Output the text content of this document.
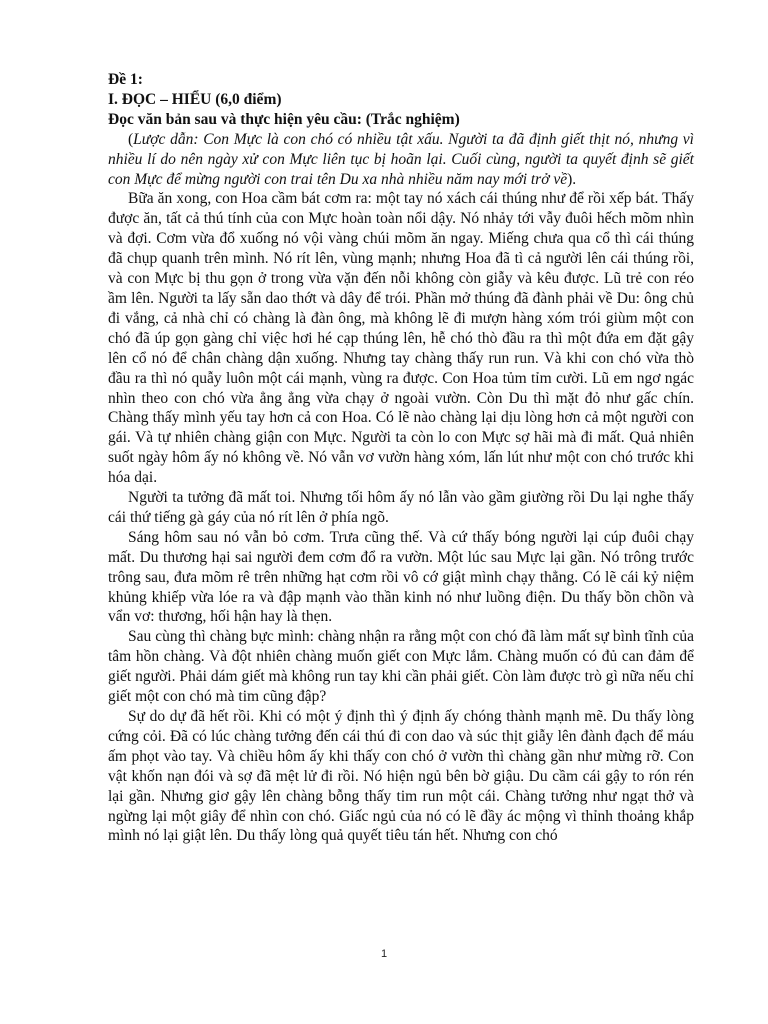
Đề 1:

I. ĐỌC – HIỂU (6,0 điểm)

Đọc văn bản sau và thực hiện yêu cầu: (Trắc nghiệm)

(Lược dẫn: Con Mực là con chó có nhiều tật xấu. Người ta đã định giết thịt nó, nhưng vì nhiều lí do nên ngày xử con Mực liên tục bị hoãn lại. Cuối cùng, người ta quyết định sẽ giết con Mực để mừng người con trai tên Du xa nhà nhiều năm nay mới trở về).

Bữa ăn xong, con Hoa cầm bát cơm ra: một tay nó xách cái thúng như để rồi xếp bát. Thấy được ăn, tất cả thú tính của con Mực hoàn toàn nổi dậy. Nó nhảy tới vẫy đuôi hếch mõm nhìn và đợi. Cơm vừa đổ xuống nó vội vàng chúi mõm ăn ngay. Miếng chưa qua cổ thì cái thúng đã chụp quanh trên mình. Nó rít lên, vùng mạnh; nhưng Hoa đã tì cả người lên cái thúng rồi, và con Mực bị thu gọn ở trong vừa vặn đến nỗi không còn giẫy và kêu được. Lũ trẻ con réo ầm lên. Người ta lấy sẵn dao thớt và dây để trói. Phần mở thúng đã đành phải về Du: ông chủ đi vắng, cả nhà chỉ có chàng là đàn ông, mà không lẽ đi mượn hàng xóm trói giùm một con chó đã úp gọn gàng chỉ việc hơi hé cạp thúng lên, hễ chó thò đầu ra thì một đứa em đặt gậy lên cổ nó để chân chàng dận xuống. Nhưng tay chàng thấy run run. Và khi con chó vừa thò đầu ra thì nó quẫy luôn một cái mạnh, vùng ra được. Con Hoa tủm tỉm cười. Lũ em ngơ ngác nhìn theo con chó vừa ẳng ẳng vừa chạy ở ngoài vườn. Còn Du thì mặt đỏ như gấc chín. Chàng thấy mình yếu tay hơn cả con Hoa. Có lẽ nào chàng lại dịu lòng hơn cả một người con gái. Và tự nhiên chàng giận con Mực. Người ta còn lo con Mực sợ hãi mà đi mất. Quả nhiên suốt ngày hôm ấy nó không về. Nó vẫn vơ vườn hàng xóm, lấn lút như một con chó trước khi hóa dại.

Người ta tưởng đã mất toi. Nhưng tối hôm ấy nó lẫn vào gầm giường rồi Du lại nghe thấy cái thứ tiếng gà gáy của nó rít lên ở phía ngõ.

Sáng hôm sau nó vẫn bỏ cơm. Trưa cũng thế. Và cứ thấy bóng người lại cúp đuôi chạy mất. Du thương hại sai người đem cơm đổ ra vườn. Một lúc sau Mực lại gần. Nó trông trước trông sau, đưa mõm rê trên những hạt cơm rồi vô cớ giật mình chạy thẳng. Có lẽ cái kỷ niệm khủng khiếp vừa lóe ra và đập mạnh vào thần kinh nó như luồng điện. Du thấy bồn chồn và vẩn vơ: thương, hối hận hay là thẹn.

Sau cùng thì chàng bực mình: chàng nhận ra rằng một con chó đã làm mất sự bình tĩnh của tâm hồn chàng. Và đột nhiên chàng muốn giết con Mực lắm. Chàng muốn có đủ can đảm để giết người. Phải dám giết mà không run tay khi cần phải giết. Còn làm được trò gì nữa nếu chỉ giết một con chó mà tim cũng đập?

Sự do dự đã hết rồi. Khi có một ý định thì ý định ấy chóng thành mạnh mẽ. Du thấy lòng cứng cỏi. Đã có lúc chàng tưởng đến cái thú đi con dao và súc thịt giẫy lên đành đạch để máu ấm phọt vào tay. Và chiều hôm ấy khi thấy con chó ở vườn thì chàng gần như mừng rỡ. Con vật khốn nạn đói và sợ đã mệt lử đi rồi. Nó hiện ngủ bên bờ giậu. Du cầm cái gậy to rón rén lại gần. Nhưng giơ gậy lên chàng bỗng thấy tim run một cái. Chàng tưởng như ngạt thở và ngừng lại một giây để nhìn con chó. Giấc ngủ của nó có lẽ đầy ác mộng vì thỉnh thoảng khắp mình nó lại giật lên. Du thấy lòng quả quyết tiêu tán hết. Nhưng con chó

1
